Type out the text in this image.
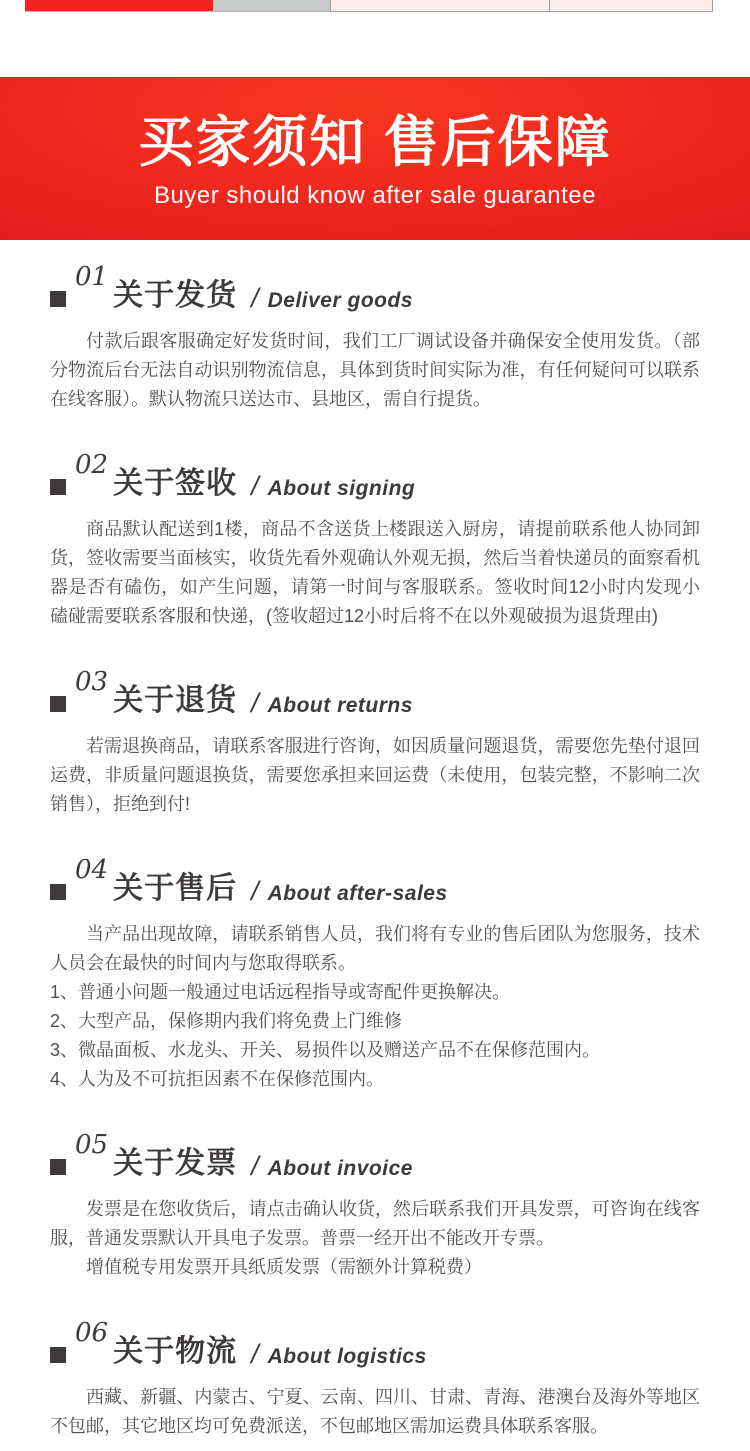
买家须知 售后保障
Buyer should know after sale guarantee
01
关于发货 / Deliver goods

付款后跟客服确定好发货时间，我们工厂调试设备并确保安全使用发货。（部分物流后台无法自动识别物流信息，具体到货时间实际为准，有任何疑问可以联系在线客服）。默认物流只送达市、县地区，需自行提货。

02
关于签收 / About signing

商品默认配送到1楼，商品不含送货上楼跟送入厨房，请提前联系他人协同卸货，签收需要当面核实，收货先看外观确认外观无损，然后当着快递员的面察看机器是否有磕伤，如产生问题，请第一时间与客服联系。签收时间12小时内发现小磕碰需要联系客服和快递，(签收超过12小时后将不在以外观破损为退货理由)

03
关于退货 / About returns

若需退换商品，请联系客服进行咨询，如因质量问题退货，需要您先垫付退回运费，非质量问题退换货，需要您承担来回运费（未使用，包装完整，不影响二次销售），拒绝到付!

04
关于售后 / About after-sales

当产品出现故障，请联系销售人员，我们将有专业的售后团队为您服务，技术人员会在最快的时间内与您取得联系。

1、普通小问题一般通过电话远程指导或寄配件更换解决。

2、大型产品，保修期内我们将免费上门维修

3、微晶面板、水龙头、开关、易损件以及赠送产品不在保修范围内。

4、人为及不可抗拒因素不在保修范围内。

05
关于发票 / About invoice

发票是在您收货后，请点击确认收货，然后联系我们开具发票，可咨询在线客服，普通发票默认开具电子发票。普票一经开出不能改开专票。

增值税专用发票开具纸质发票（需额外计算税费）

06
关于物流 / About logistics

西藏、新疆、内蒙古、宁夏、云南、四川、甘肃、青海、港澳台及海外等地区不包邮，其它地区均可免费派送，不包邮地区需加运费具体联系客服。
